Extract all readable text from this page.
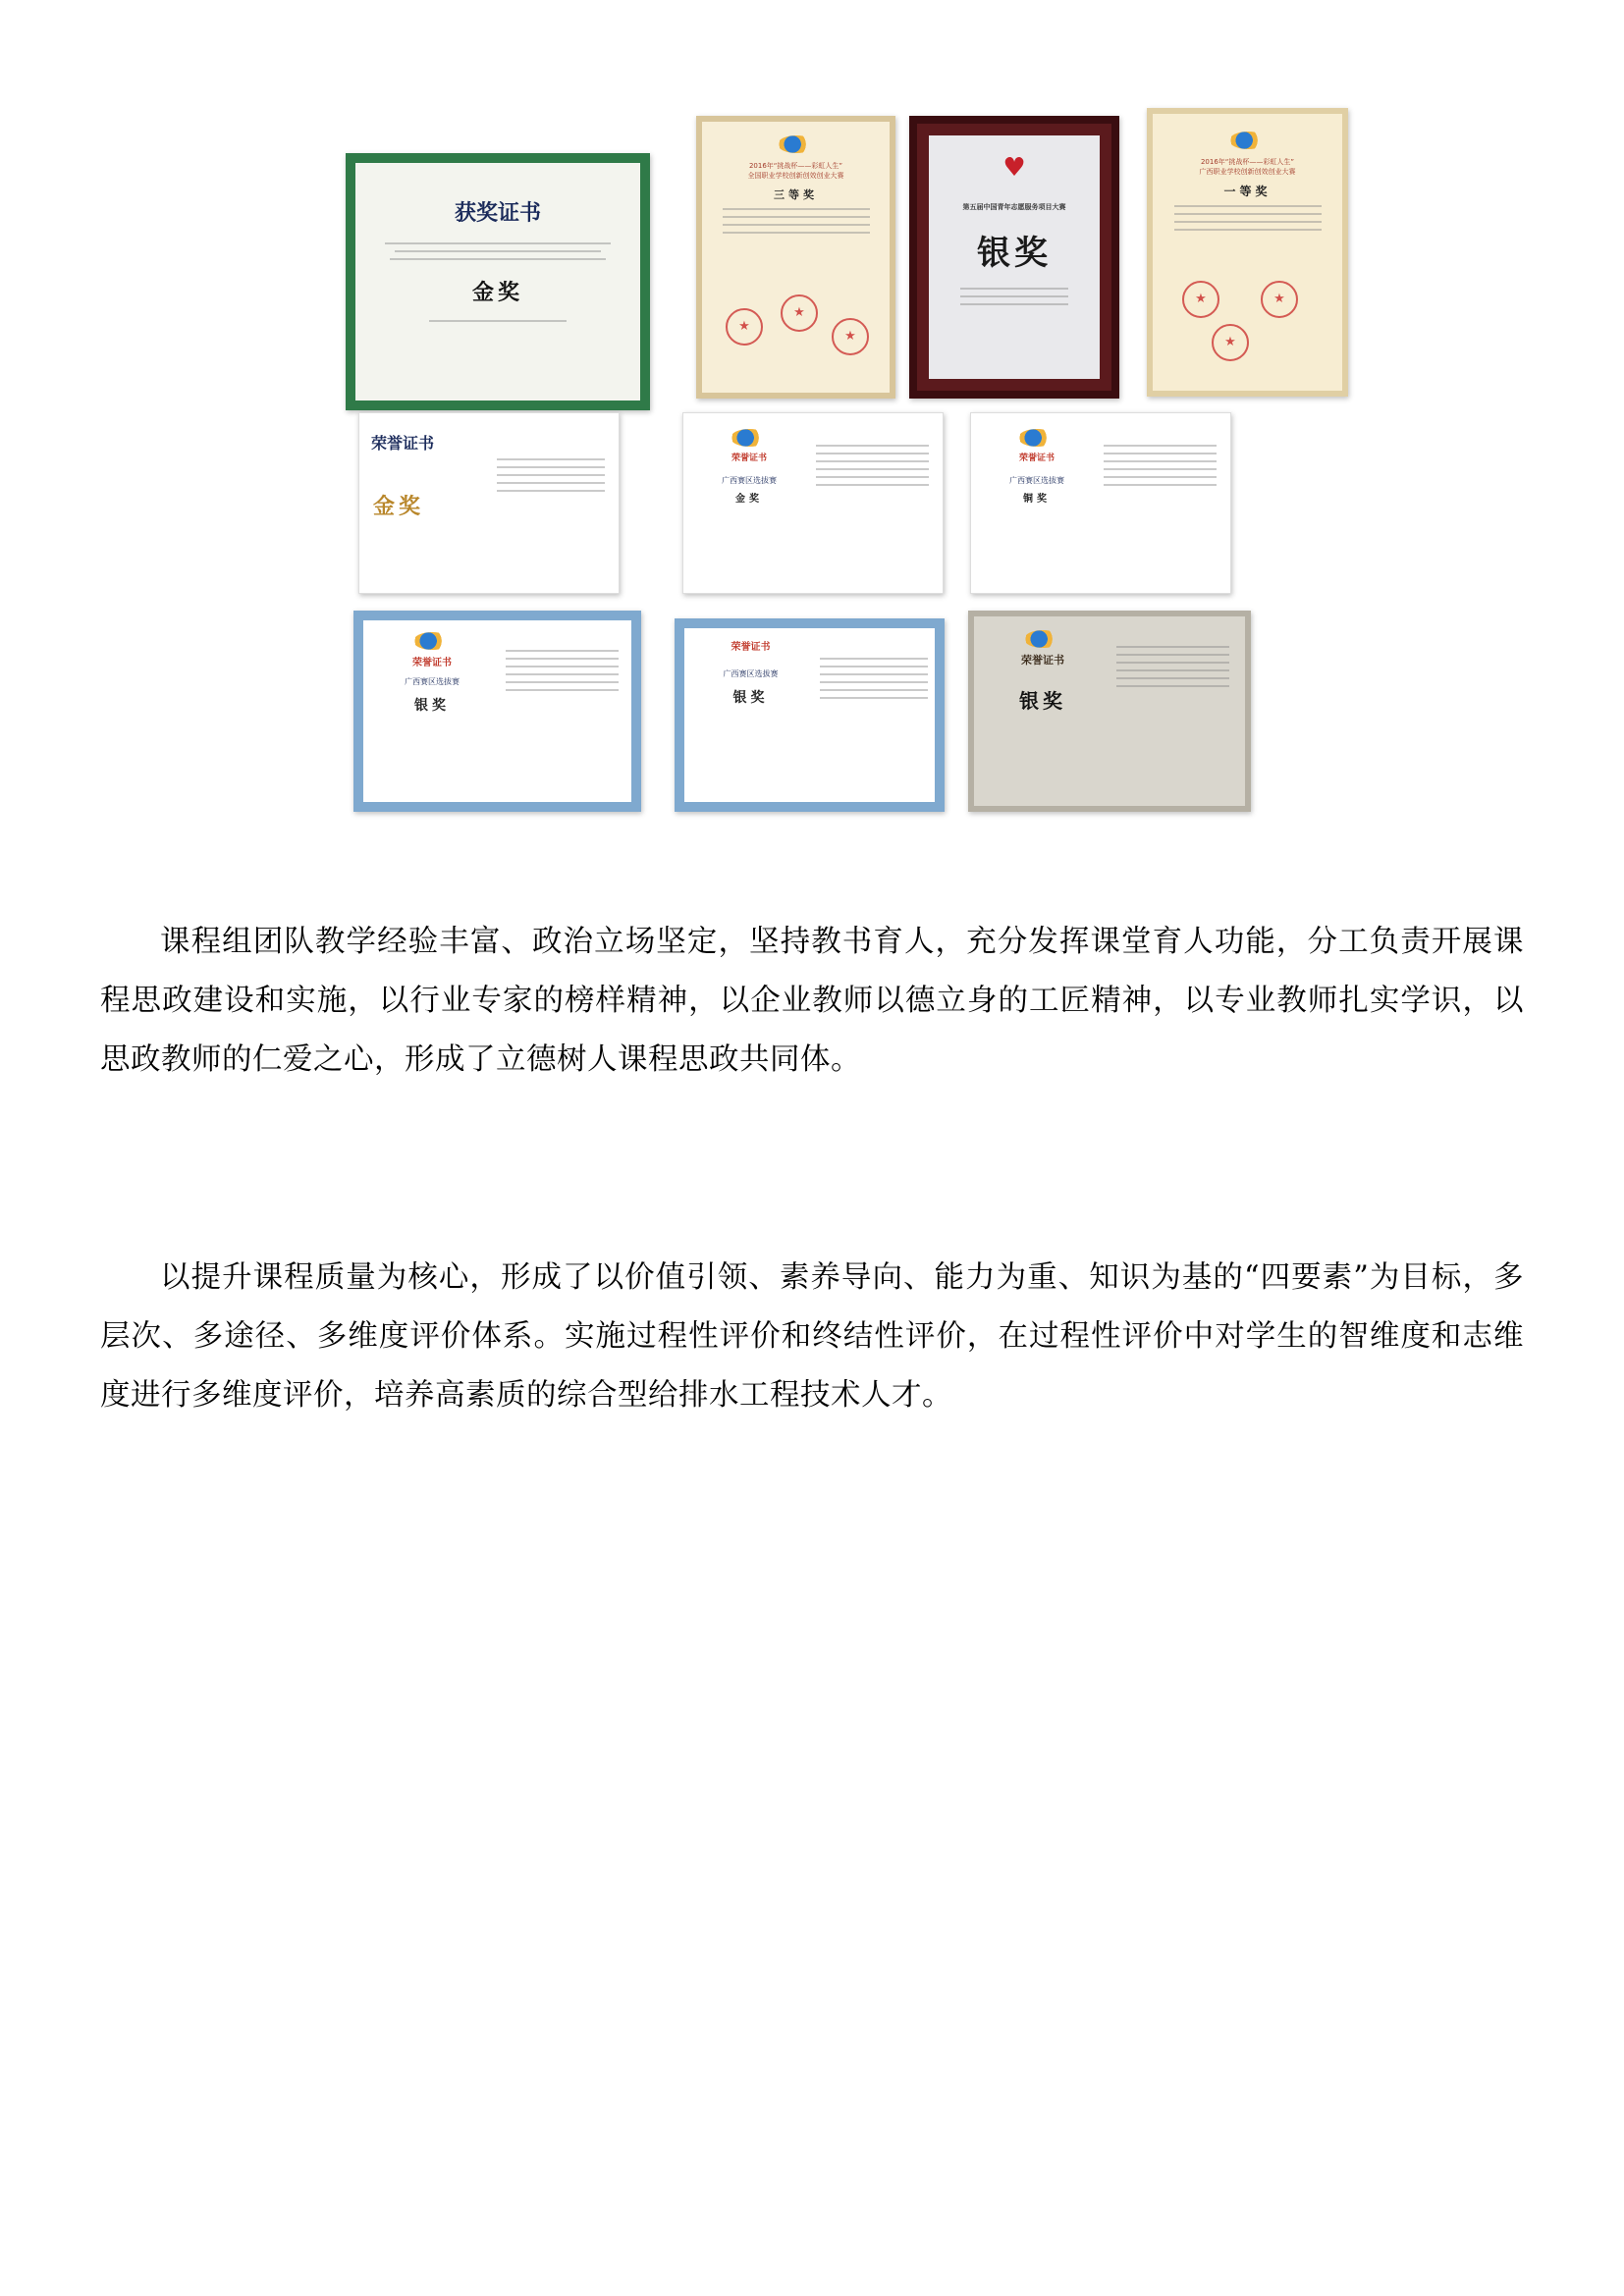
获奖证书
金奖
2016年“挑战杯——彩虹人生”
全国职业学校创新创效创业大赛
三等奖
★
★
★
♥
第五届中国青年志愿服务项目大赛
银奖
2016年“挑战杯——彩虹人生”
广西职业学校创新创效创业大赛
一等奖
★
★
★
荣誉证书
金奖
荣誉证书
广西赛区选拔赛
金奖
荣誉证书
广西赛区选拔赛
铜奖
荣誉证书
广西赛区选拔赛
银奖
荣誉证书
广西赛区选拔赛
银奖
荣誉证书
银奖

课程组团队教学经验丰富、政治立场坚定，坚持教书育人，充分发挥课堂育人功能，分工负责开展课程思政建设和实施，以行业专家的榜样精神，以企业教师以德立身的工匠精神，以专业教师扎实学识，以思政教师的仁爱之心，形成了立德树人课程思政共同体。

以提升课程质量为核心，形成了以价值引领、素养导向、能力为重、知识为基的“四要素”为目标，多层次、多途径、多维度评价体系。实施过程性评价和终结性评价，在过程性评价中对学生的智维度和志维度进行多维度评价，培养高素质的综合型给排水工程技术人才。
